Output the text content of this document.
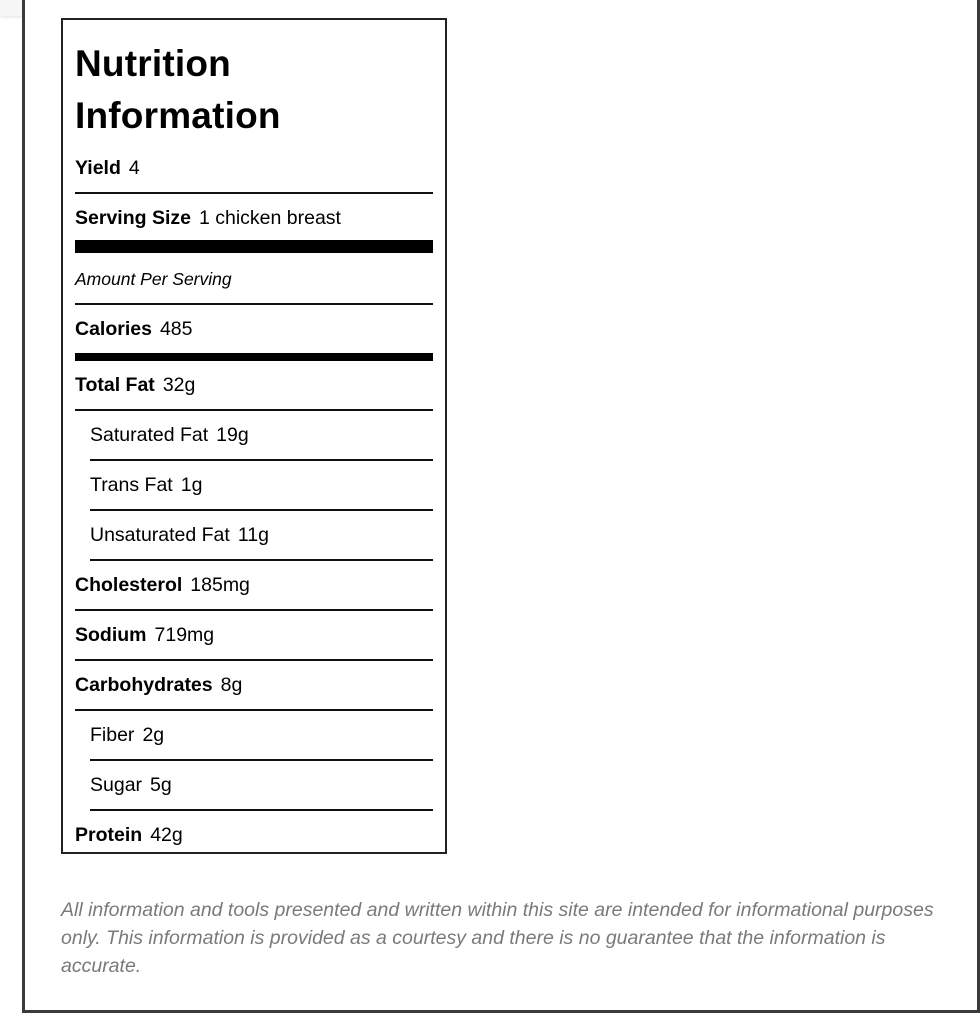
Nutrition
Information
Yield 4
Serving Size 1 chicken breast
Amount Per Serving
Calories 485
Total Fat 32g
Saturated Fat 19g
Trans Fat 1g
Unsaturated Fat 11g
Cholesterol 185mg
Sodium 719mg
Carbohydrates 8g
Fiber 2g
Sugar 5g
Protein 42g
All information and tools presented and written within this site are intended for informational purposes only. This information is provided as a courtesy and there is no guarantee that the information is accurate.
